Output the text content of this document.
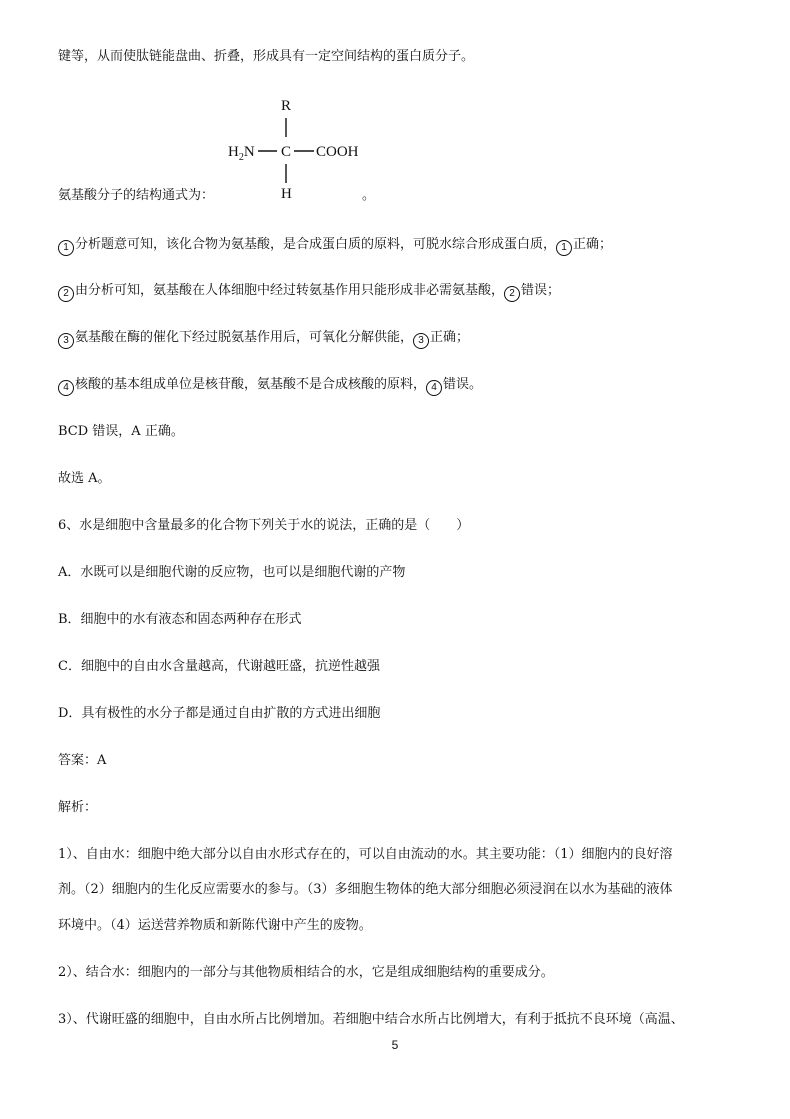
键等，从而使肽链能盘曲、折叠，形成具有一定空间结构的蛋白质分子。
R
$H_2N$ C COOH
H
氨基酸分子的结构通式为：	。
1 分析题意可知，该化合物为氨基酸，是合成蛋白质的原料，可脱水综合形成蛋白质， 1 正确；
2 由分析可知，氨基酸在人体细胞中经过转氨基作用只能形成非必需氨基酸， 2 错误；
3 氨基酸在酶的催化下经过脱氨基作用后，可氧化分解供能， 3 正确；
4 核酸的基本组成单位是核苷酸，氨基酸不是合成核酸的原料， 4 错误。
BCD 错误，A 正确。
故选 A。
6、水是细胞中含量最多的化合物下列关于水的说法，正确的是（　　）
A．水既可以是细胞代谢的反应物，也可以是细胞代谢的产物
B．细胞中的水有液态和固态两种存在形式
C．细胞中的自由水含量越高，代谢越旺盛，抗逆性越强
D．具有极性的水分子都是通过自由扩散的方式进出细胞
答案：A
解析：
1）、自由水：细胞中绝大部分以自由水形式存在的，可以自由流动的水。其主要功能：（1）细胞内的良好溶
剂。（2）细胞内的生化反应需要水的参与。（3）多细胞生物体的绝大部分细胞必须浸润在以水为基础的液体
环境中。（4）运送营养物质和新陈代谢中产生的废物。
2）、结合水：细胞内的一部分与其他物质相结合的水，它是组成细胞结构的重要成分。
3）、代谢旺盛的细胞中，自由水所占比例增加。若细胞中结合水所占比例增大，有利于抵抗不良环境（高温、
5
